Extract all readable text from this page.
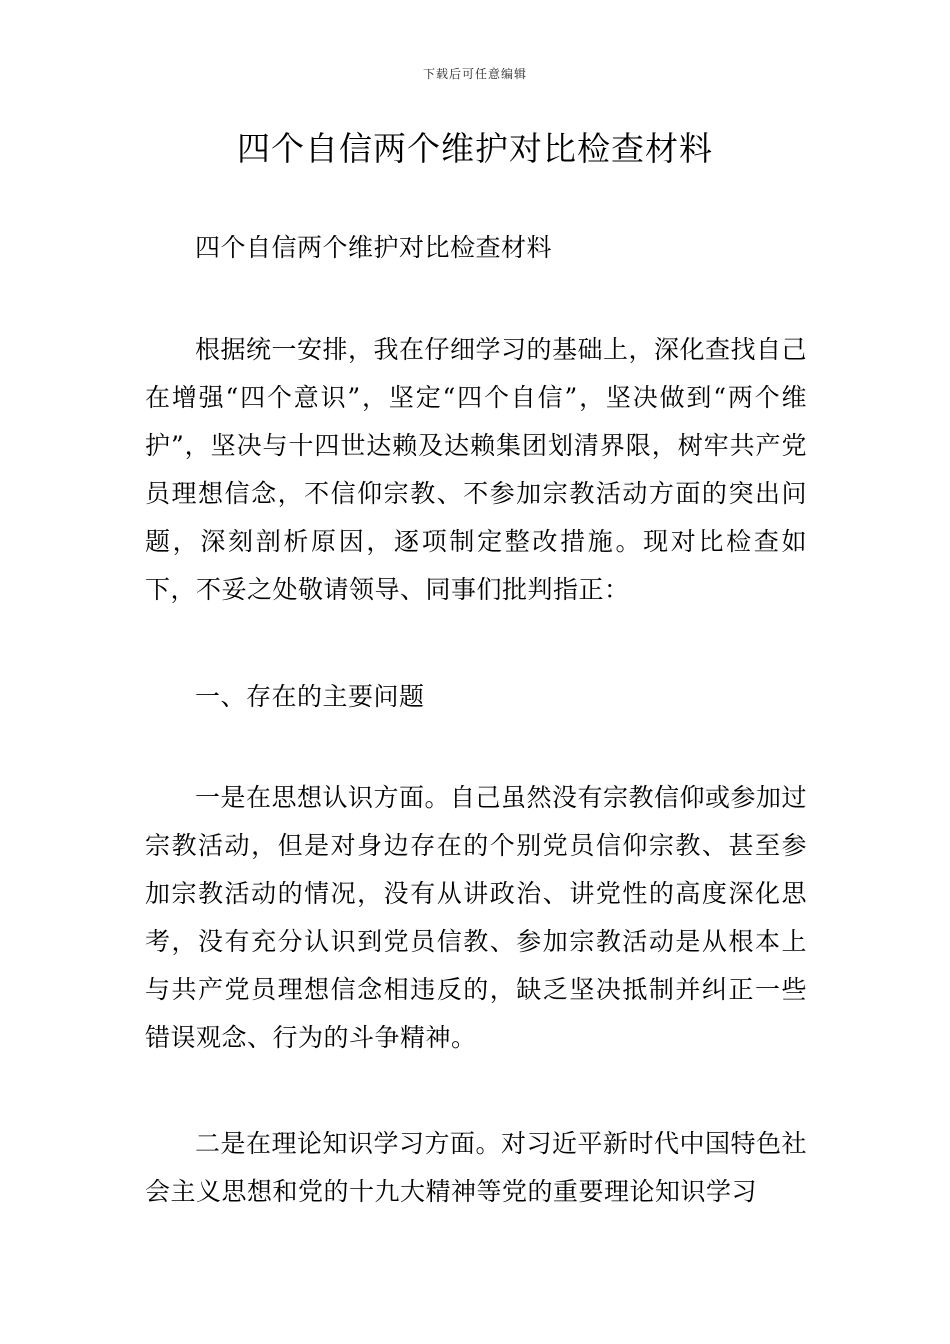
下载后可任意编辑
四个自信两个维护对比检查材料

四个自信两个维护对比检查材料

根据统一安排，我在仔细学习的基础上，深化查找自己在增强“四个意识”，坚定“四个自信”，坚决做到“两个维护”，坚决与十四世达赖及达赖集团划清界限，树牢共产党员理想信念，不信仰宗教、不参加宗教活动方面的突出问题，深刻剖析原因，逐项制定整改措施。现对比检查如下，不妥之处敬请领导、同事们批判指正：

一、存在的主要问题

一是在思想认识方面。自己虽然没有宗教信仰或参加过宗教活动，但是对身边存在的个别党员信仰宗教、甚至参加宗教活动的情况，没有从讲政治、讲党性的高度深化思考，没有充分认识到党员信教、参加宗教活动是从根本上与共产党员理想信念相违反的，缺乏坚决抵制并纠正一些错误观念、行为的斗争精神。

二是在理论知识学习方面。对习近平新时代中国特色社会主义思想和党的十九大精神等党的重要理论知识学习
